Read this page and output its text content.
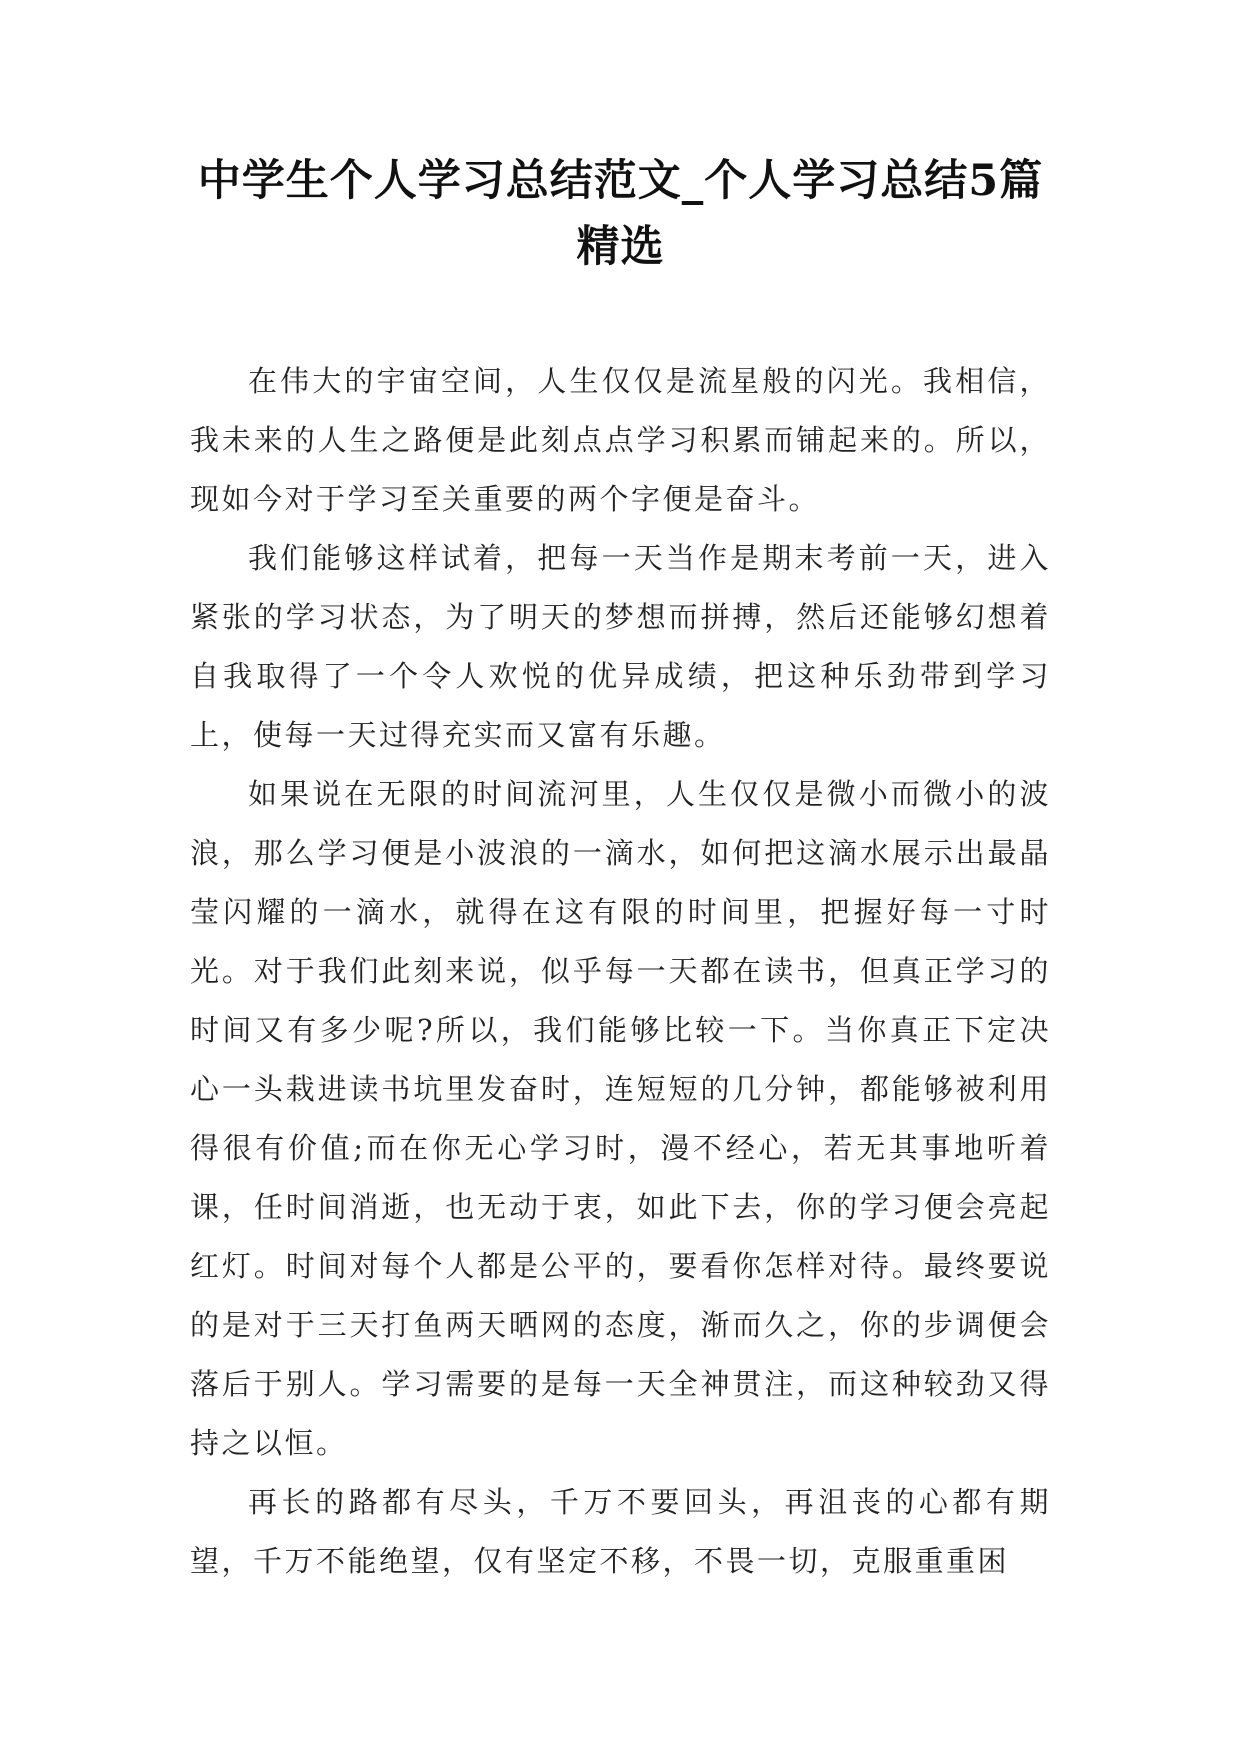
中学生个人学习总结范文_个人学习总结5篇精选

在伟大的宇宙空间，人生仅仅是流星般的闪光。我相信，我未来的人生之路便是此刻点点学习积累而铺起来的。所以，现如今对于学习至关重要的两个字便是奋斗。

我们能够这样试着，把每一天当作是期末考前一天，进入紧张的学习状态，为了明天的梦想而拼搏，然后还能够幻想着自我取得了一个令人欢悦的优异成绩，把这种乐劲带到学习上，使每一天过得充实而又富有乐趣。

如果说在无限的时间流河里，人生仅仅是微小而微小的波浪，那么学习便是小波浪的一滴水，如何把这滴水展示出最晶莹闪耀的一滴水，就得在这有限的时间里，把握好每一寸时光。对于我们此刻来说，似乎每一天都在读书，但真正学习的时间又有多少呢?所以，我们能够比较一下。当你真正下定决心一头栽进读书坑里发奋时，连短短的几分钟，都能够被利用得很有价值;而在你无心学习时，漫不经心，若无其事地听着课，任时间消逝，也无动于衷，如此下去，你的学习便会亮起红灯。时间对每个人都是公平的，要看你怎样对待。最终要说的是对于三天打鱼两天晒网的态度，渐而久之，你的步调便会落后于别人。学习需要的是每一天全神贯注，而这种较劲又得持之以恒。

再长的路都有尽头，千万不要回头，再沮丧的心都有期望，千万不能绝望，仅有坚定不移，不畏一切，克服重重困
